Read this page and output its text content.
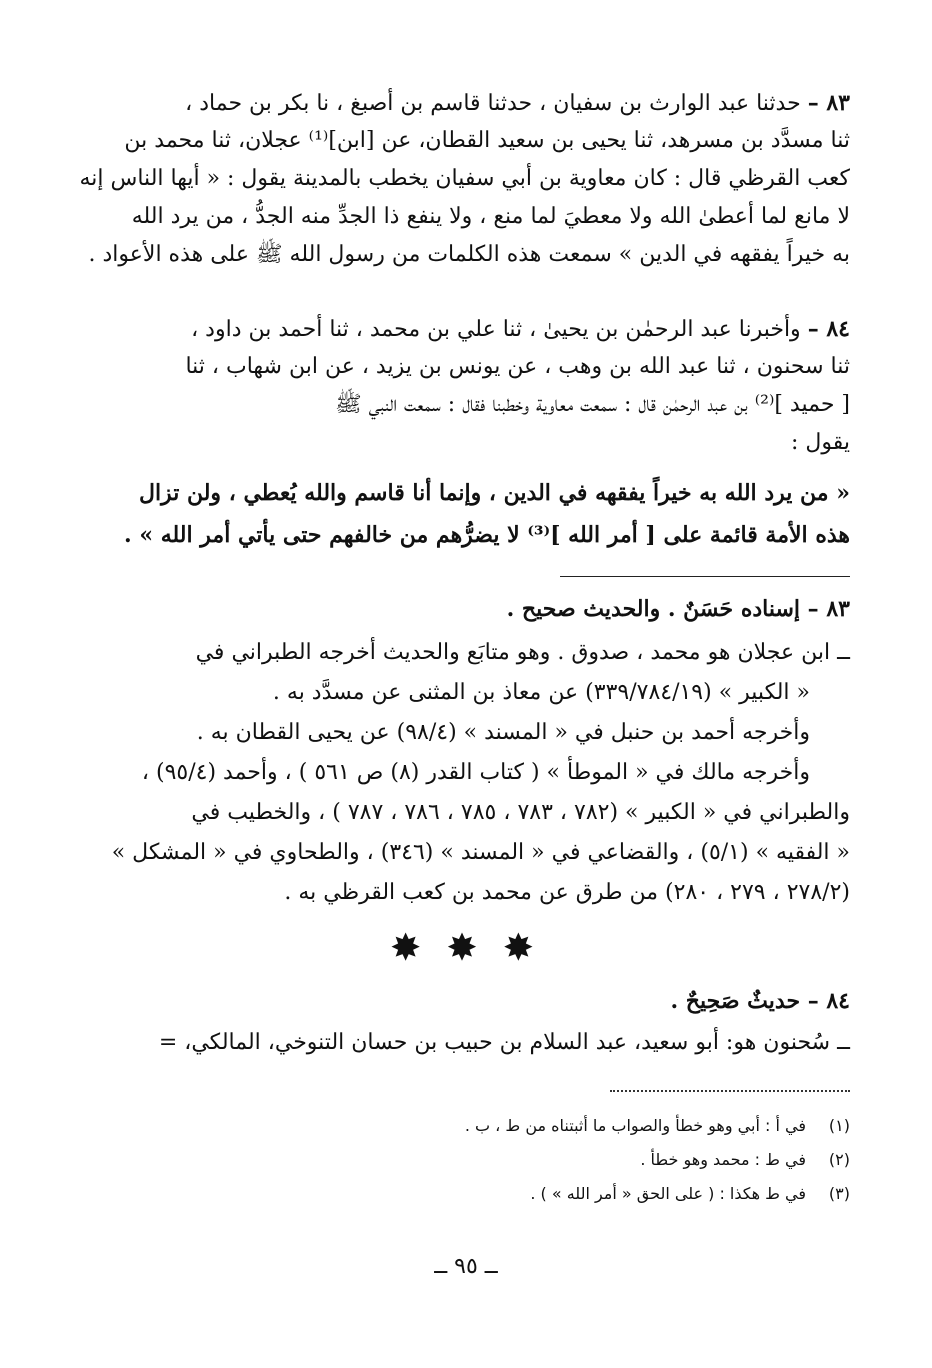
٨٣ – حدثنا عبد الوارث بن سفيان ، حدثنا قاسم بن أصبغ ، نا بكر بن حماد ،
ثنا مسدَّد بن مسرهد، ثنا يحيى بن سعيد القطان، عن [ابن]⁽¹⁾ عجلان، ثنا محمد بن
كعب القرظي قال : كان معاوية بن أبي سفيان يخطب بالمدينة يقول : « أيها الناس إنه
لا مانع لما أعطىٰ الله ولا معطيَ لما منع ، ولا ينفع ذا الجدِّ منه الجدُّ ، من يرد الله
به خيراً يفقهه في الدين » سمعت هذه الكلمات من رسول الله ﷺ على هذه الأعواد .
٨٤ – وأخبرنا عبد الرحمٰن بن يحيىٰ ، ثنا علي بن محمد ، ثنا أحمد بن داود ،
ثنا سحنون ، ثنا عبد الله بن وهب ، عن يونس بن يزيد ، عن ابن شهاب ، ثنا
[ حميد ]⁽²⁾ بن عبد الرحمٰن قال : سمعت معاوية وخطبنا فقال : سمعت النبي ﷺ
يقول :
« من يرد الله به خيراً يفقهه في الدين ، وإنما أنا قاسم والله يُعطي ، ولن تزال
هذه الأمة قائمة على [ أمر الله ]⁽³⁾ لا يضرُّهم من خالفهم حتى يأتي أمر الله » .
٨٣ – إسناده حَسَنٌ . والحديث صحيح .
ــ ابن عجلان هو محمد ، صدوق . وهو متابَع والحديث أخرجه الطبراني في
« الكبير » (٣٣٩/٧٨٤/١٩) عن معاذ بن المثنى عن مسدَّد به .
وأخرجه أحمد بن حنبل في « المسند » (٩٨/٤) عن يحيى القطان به .
وأخرجه مالك في « الموطأ » ( كتاب القدر (٨) ص ٥٦١ ) ، وأحمد (٩٥/٤) ،
والطبراني في « الكبير » (٧٨٢ ، ٧٨٣ ، ٧٨٥ ، ٧٨٦ ، ٧٨٧ ) ، والخطيب في
« الفقيه » (٥/١) ، والقضاعي في « المسند » (٣٤٦) ، والطحاوي في « المشكل »
(٢٧٨/٢ ، ٢٧٩ ، ٢٨٠) من طرق عن محمد بن كعب القرظي به .
✸ ✸ ✸
٨٤ – حديثٌ صَحِيحٌ .
ــ سُحنون هو: أبو سعيد، عبد السلام بن حبيب بن حسان التنوخي، المالكي، =
(١)في أ : أبي وهو خطأ والصواب ما أثبتناه من ط ، ب .
(٢)في ط : محمد وهو خطأ .
(٣)في ط هكذا : ( على الحق « أمر الله » ) .
ــ ٩٥ ــ
